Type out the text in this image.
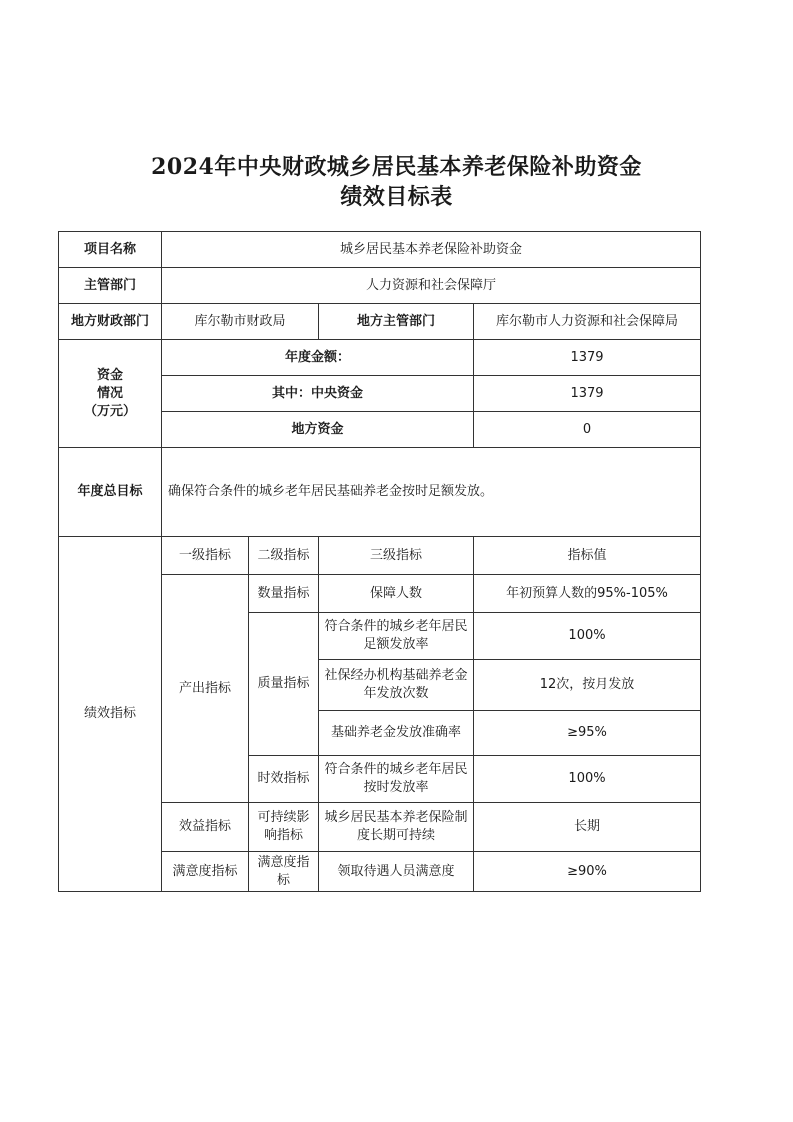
2024年中央财政城乡居民基本养老保险补助资金
绩效目标表
项目名称	城乡居民基本养老保险补助资金			
主管部门	人力资源和社会保障厅			
地方财政部门	库尔勒市财政局		地方主管部门	库尔勒市人力资源和社会保障局
资金
情况
（万元）	年度金额：			1379
	其中：中央资金			1379
	地方资金			0
年度总目标	确保符合条件的城乡老年居民基础养老金按时足额发放。			
绩效指标	一级指标	二级指标	三级指标	指标值
	产出指标	数量指标	保障人数	年初预算人数的95%-105%
		质量指标	符合条件的城乡老年居民足额发放率	100%
			社保经办机构基础养老金年发放次数	12次，按月发放
			基础养老金发放准确率	≥95%
		时效指标	符合条件的城乡老年居民按时发放率	100%
	效益指标	可持续影响指标	城乡居民基本养老保险制度长期可持续	长期
	满意度指标	满意度指标	领取待遇人员满意度	≥90%
